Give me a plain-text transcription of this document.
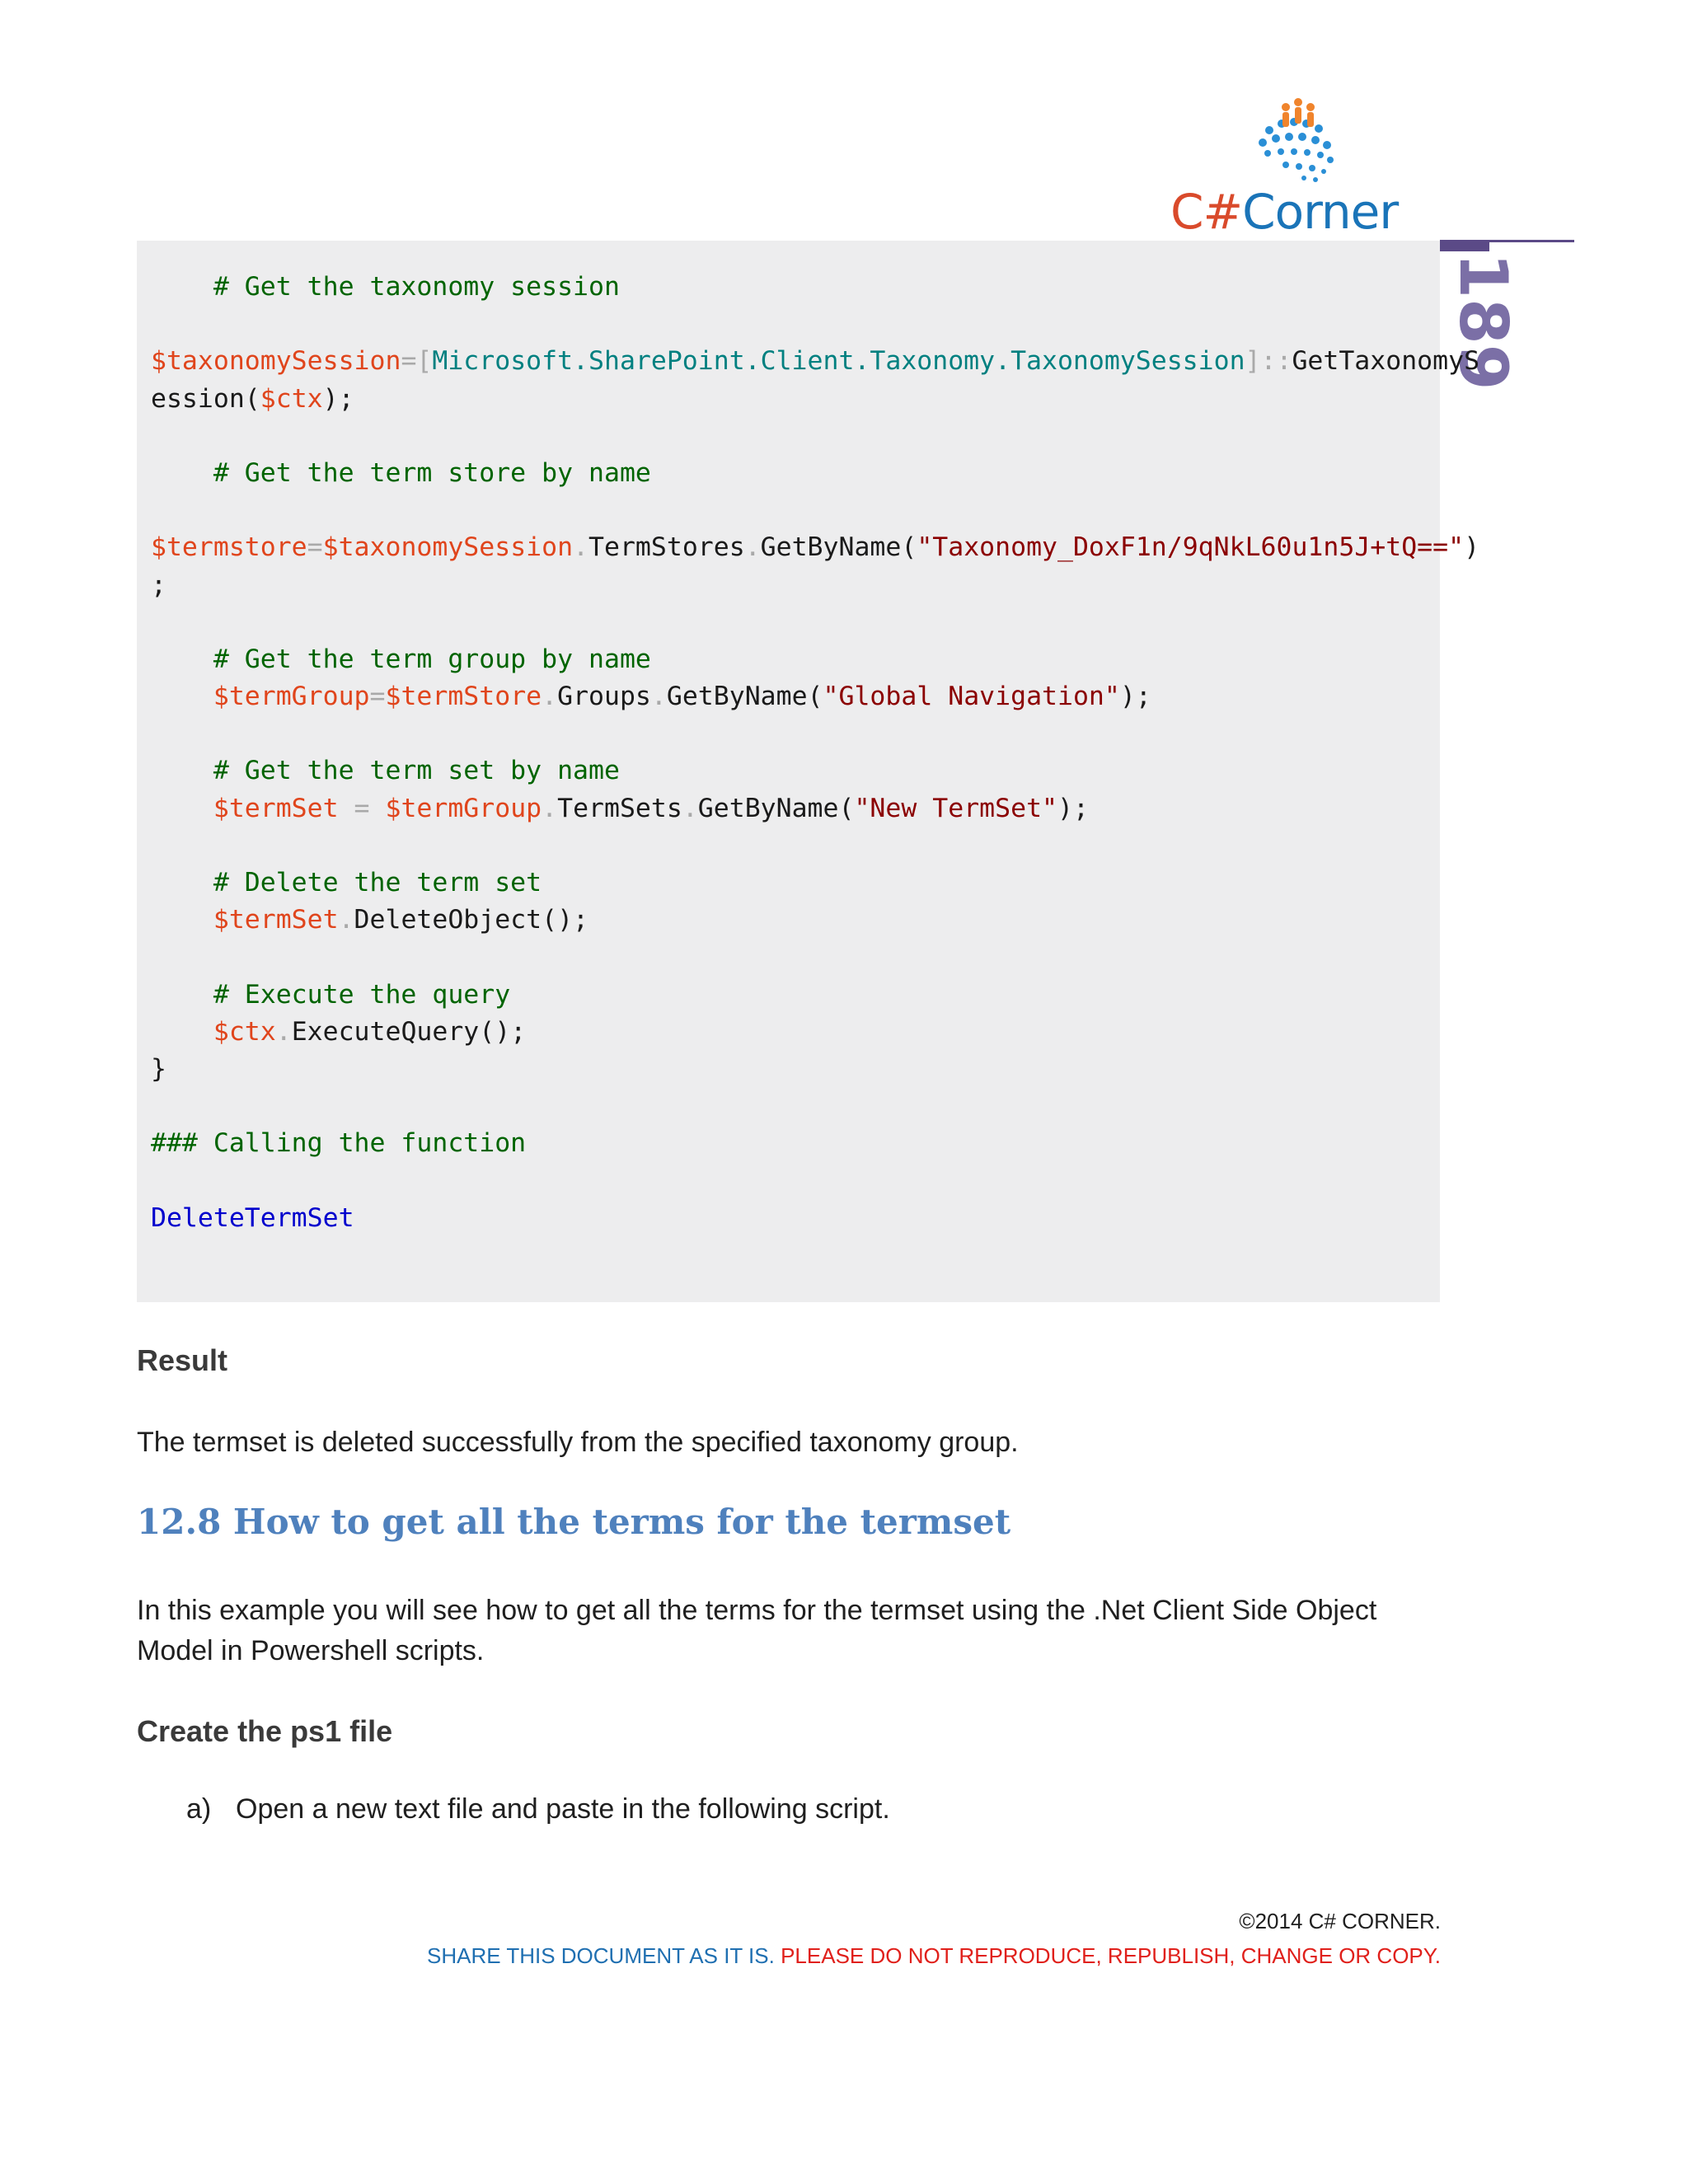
C#Corner
189
# Get the taxonomy session
$taxonomySession=[Microsoft.SharePoint.Client.Taxonomy.TaxonomySession]::GetTaxonomyS
ession($ctx);
# Get the term store by name
$termstore=$taxonomySession.TermStores.GetByName("Taxonomy_DoxF1n/9qNkL60u1n5J+tQ==")
;
# Get the term group by name
$termGroup=$termStore.Groups.GetByName("Global Navigation");
# Get the term set by name
$termSet = $termGroup.TermSets.GetByName("New TermSet");
# Delete the term set
$termSet.DeleteObject();
# Execute the query
$ctx.ExecuteQuery();
}
### Calling the function
DeleteTermSet
Result
The termset is deleted successfully from the specified taxonomy group.
12.8 How to get all the terms for the termset
In this example you will see how to get all the terms for the termset using the .Net Client Side Object Model in Powershell scripts.
Create the ps1 file
a) Open a new text file and paste in the following script.
©2014 C# CORNER.
SHARE THIS DOCUMENT AS IT IS. PLEASE DO NOT REPRODUCE, REPUBLISH, CHANGE OR COPY.
